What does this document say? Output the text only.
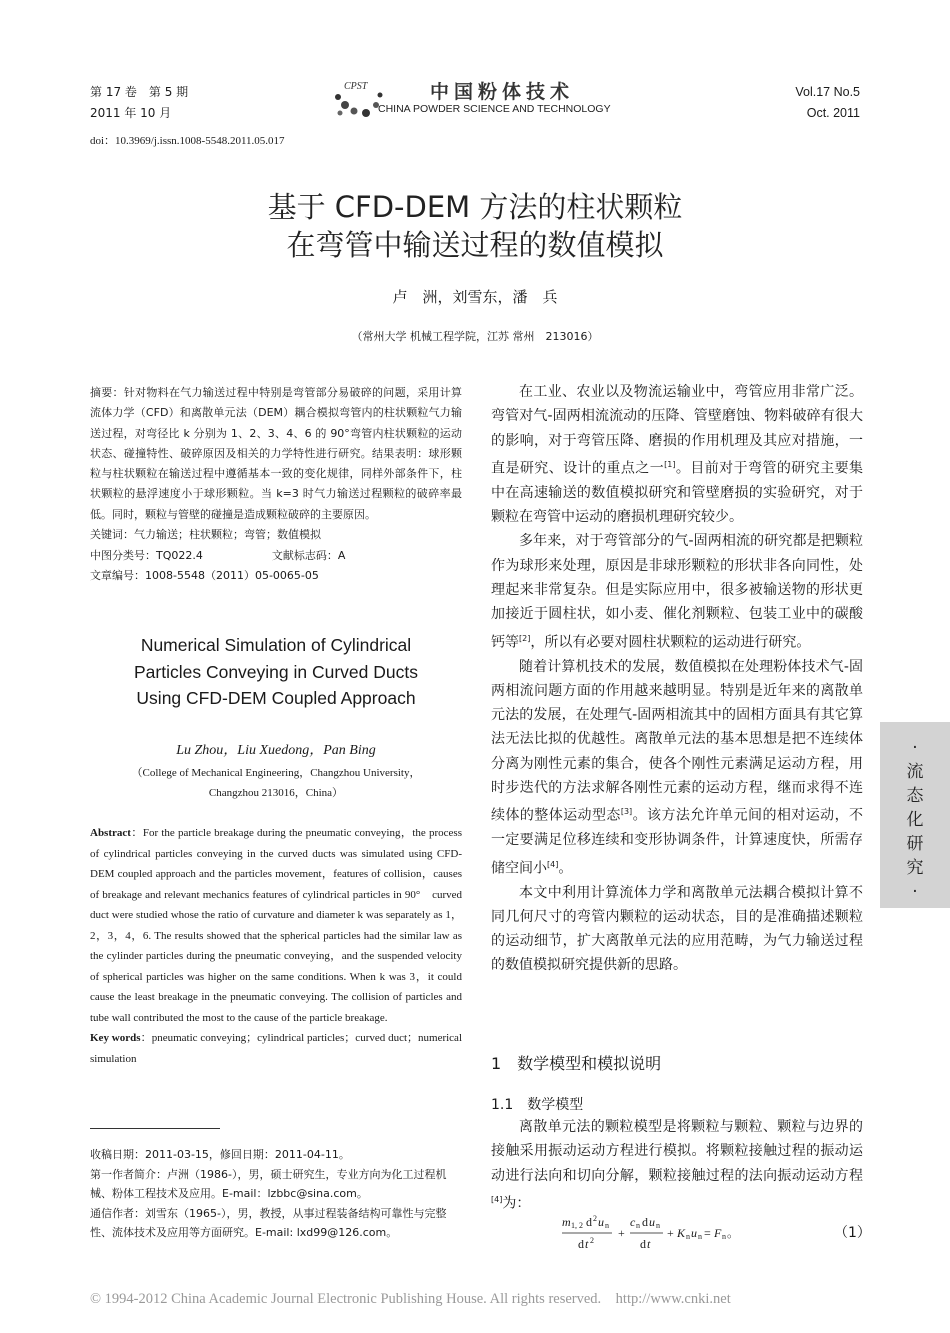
第 17 卷　第 5 期
2011 年 10 月
CPST	中国粉体技术
CHINA POWDER SCIENCE AND TECHNOLOGY
Vol.17 No.5
Oct. 2011
doi：10.3969/j.issn.1008-5548.2011.05.017
基于 CFD-DEM 方法的柱状颗粒
在弯管中输送过程的数值模拟
卢　洲，刘雪东，潘　兵
（常州大学 机械工程学院，江苏 常州　213016）
摘要：针对物料在气力输送过程中特别是弯管部分易破碎的问题，采用计算流体力学（CFD）和离散单元法（DEM）耦合模拟弯管内的柱状颗粒气力输送过程，对弯径比 k 分别为 1、2、3、4、6 的 90°弯管内柱状颗粒的运动状态、碰撞特性、破碎原因及相关的力学特性进行研究。结果表明：球形颗粒与柱状颗粒在输送过程中遵循基本一致的变化规律，同样外部条件下，柱状颗粒的悬浮速度小于球形颗粒。当 k=3 时气力输送过程颗粒的破碎率最低。同时，颗粒与管壁的碰撞是造成颗粒破碎的主要原因。
关键词：气力输送；柱状颗粒；弯管；数值模拟
中图分类号：TQ022.4	文献标志码：A
文章编号：1008-5548（2011）05-0065-05
Numerical Simulation of Cylindrical
Particles Conveying in Curved Ducts
Using CFD-DEM Coupled Approach
Lu Zhou，Liu Xuedong，Pan Bing
（College of Mechanical Engineering，Changzhou University，
Changzhou 213016，China）
Abstract：For the particle breakage during the pneumatic conveying，the process of cylindrical particles conveying in the curved ducts was simulated using CFD-DEM coupled approach and the particles movement，features of collision，causes of breakage and relevant mechanics features of cylindrical particles in 90°　curved duct were studied whose the ratio of curvature and diameter k was separately as 1，2，3，4，6. The results showed that the spherical particles had the similar law as the cylinder particles during the pneumatic conveying，and the suspended velocity of spherical particles was higher on the same conditions. When k was 3，it could cause the least breakage in the pneumatic conveying. The collision of particles and tube wall contributed the most to the cause of the particle breakage.
Key words：pneumatic conveying；cylindrical particles；curved duct；numerical simulation
收稿日期：2011-03-15，修回日期：2011-04-11。
第一作者简介：卢洲（1986-），男，硕士研究生，专业方向为化工过程机械、粉体工程技术及应用。E-mail：lzbbc@sina.com。
通信作者：刘雪东（1965-），男，教授，从事过程装备结构可靠性与完整性、流体技术及应用等方面研究。E-mail: lxd99@126.com。

在工业、农业以及物流运输业中，弯管应用非常广泛。弯管对气-固两相流流动的压降、管壁磨蚀、物料破碎有很大的影响，对于弯管压降、磨损的作用机理及其应对措施，一直是研究、设计的重点之一[1]。目前对于弯管的研究主要集中在高速输送的数值模拟研究和管壁磨损的实验研究，对于颗粒在弯管中运动的磨损机理研究较少。

多年来，对于弯管部分的气-固两相流的研究都是把颗粒作为球形来处理，原因是非球形颗粒的形状非各向同性，处理起来非常复杂。但是实际应用中，很多被输送物的形状更加接近于圆柱状，如小麦、催化剂颗粒、包装工业中的碳酸钙等[2]，所以有必要对圆柱状颗粒的运动进行研究。

随着计算机技术的发展，数值模拟在处理粉体技术气-固两相流问题方面的作用越来越明显。特别是近年来的离散单元法的发展，在处理气-固两相流其中的固相方面具有其它算法无法比拟的优越性。离散单元法的基本思想是把不连续体分离为刚性元素的集合，使各个刚性元素满足运动方程，用时步迭代的方法求解各刚性元素的运动方程，继而求得不连续体的整体运动型态[3]。该方法允许单元间的相对运动，不一定要满足位移连续和变形协调条件，计算速度快，所需存储空间小[4]。

本文中利用计算流体力学和离散单元法耦合模拟计算不同几何尺寸的弯管内颗粒的运动状态，目的是准确描述颗粒的运动细节，扩大离散单元法的应用范畴，为气力输送过程的数值模拟研究提供新的思路。

1　数学模型和模拟说明
1.1　数学模型

离散单元法的颗粒模型是将颗粒与颗粒、颗粒与边界的接触采用振动运动方程进行模拟。将颗粒接触过程的振动运动进行法向和切向分解，颗粒接触过程的法向振动运动方程[4]为：

m 1, 2 d 2 u n
d t 2
+
c n d u n
d t
+ K n u n = F n 。	（1）
·
流
态
化
研
究
·
© 1994-2012 China Academic Journal Electronic Publishing House. All rights reserved.　http://www.cnki.net
